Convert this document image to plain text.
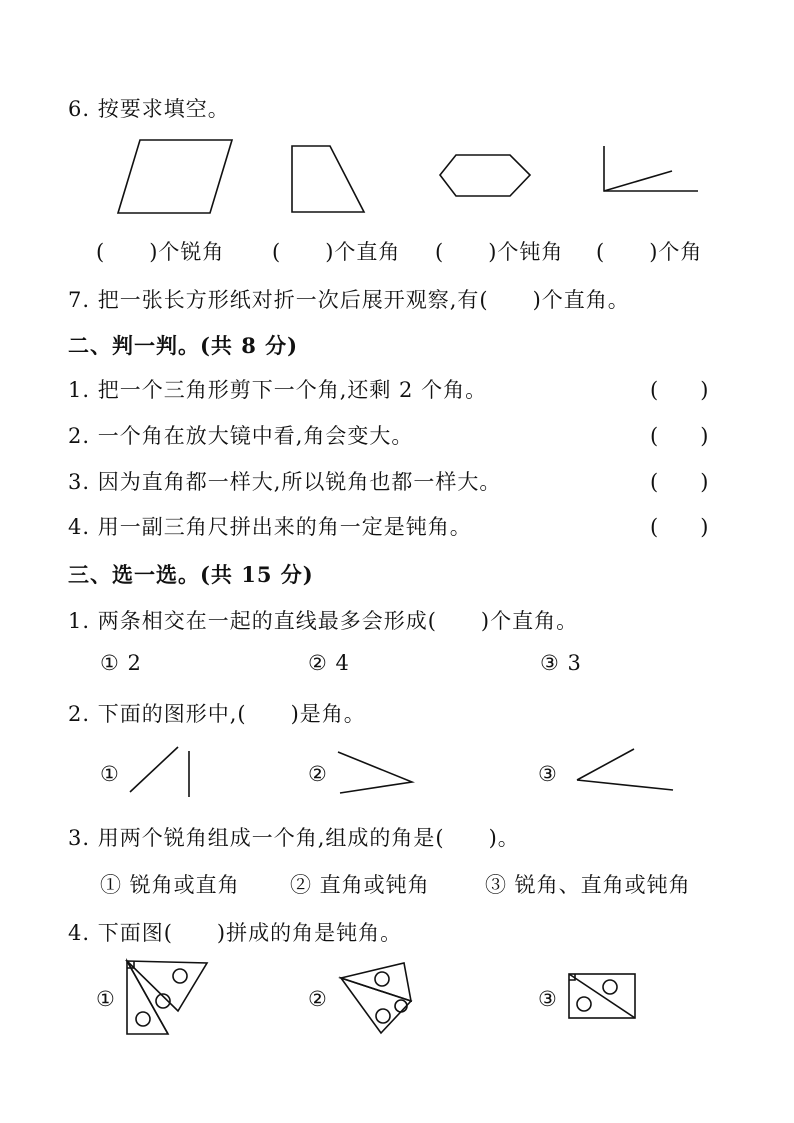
6. 按要求填空。
(　　)个锐角 (　　)个直角 (　　)个钝角 (　　)个角
7. 把一张长方形纸对折一次后展开观察,有(　　)个直角。
二、判一判。(共 8 分)
1. 把一个三角形剪下一个角,还剩 2 个角。	(　　)
2. 一个角在放大镜中看,角会变大。	(　　)
3. 因为直角都一样大,所以锐角也都一样大。	(　　)
4. 用一副三角尺拼出来的角一定是钝角。	(　　)
三、选一选。(共 15 分)
1. 两条相交在一起的直线最多会形成(　　)个直角。
① 2	② 4	③ 3
2. 下面的图形中,(　　)是角。
①	②	③
3. 用两个锐角组成一个角,组成的角是(　　)。
① 锐角或直角 ② 直角或钝角	③ 锐角、直角或钝角
4. 下面图(　　)拼成的角是钝角。
①	②	③
